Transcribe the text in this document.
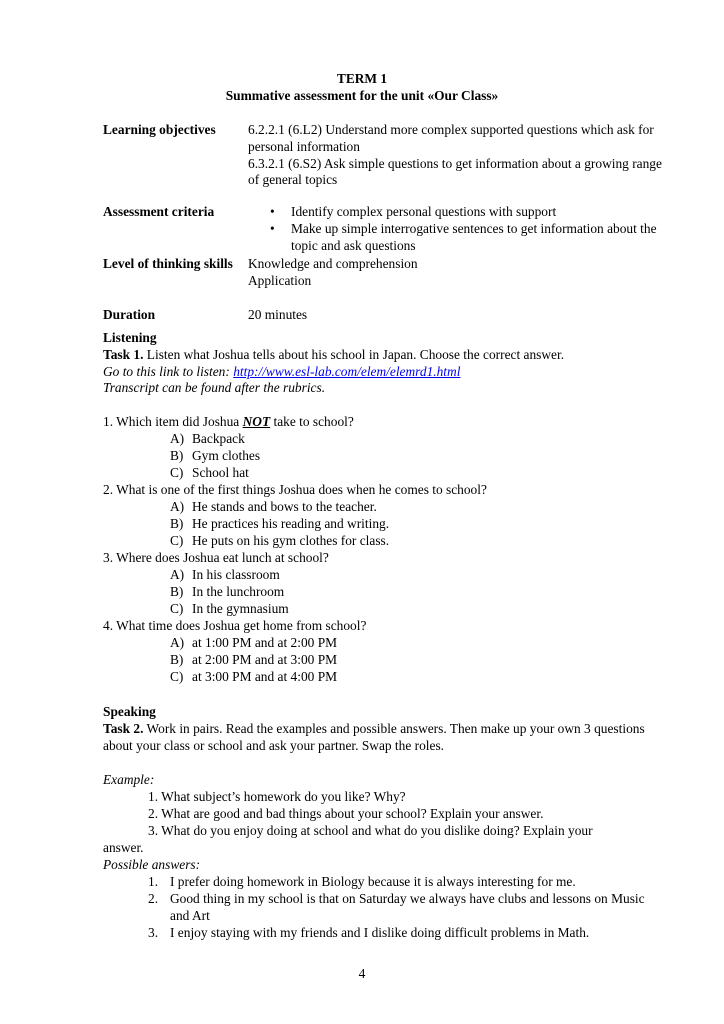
TERM 1
Summative assessment for the unit «Our Class»
Learning objectives	6.2.2.1 (6.L2) Understand more complex supported questions which ask for personal information
6.3.2.1 (6.S2) Ask simple questions to get information about a growing range of general topics
Assessment criteria	• Identify complex personal questions with support
• Make up simple interrogative sentences to get information about the topic and ask questions
Level of thinking skills	Knowledge and comprehension
Application
Duration	20 minutes
Listening
Task 1. Listen what Joshua tells about his school in Japan. Choose the correct answer.
Go to this link to listen: http://www.esl-lab.com/elem/elemrd1.html
Transcript can be found after the rubrics.
1. Which item did Joshua NOT take to school?
A) Backpack
B) Gym clothes
C) School hat
2. What is one of the first things Joshua does when he comes to school?
A) He stands and bows to the teacher.
B) He practices his reading and writing.
C) He puts on his gym clothes for class.
3. Where does Joshua eat lunch at school?
A) In his classroom
B) In the lunchroom
C) In the gymnasium
4. What time does Joshua get home from school?
A) at 1:00 PM and at 2:00 PM
B) at 2:00 PM and at 3:00 PM
C) at 3:00 PM and at 4:00 PM
Speaking
Task 2. Work in pairs. Read the examples and possible answers. Then make up your own 3 questions about your class or school and ask your partner. Swap the roles.
Example:
1. What subject’s homework do you like? Why?
2. What are good and bad things about your school? Explain your answer.
3. What do you enjoy doing at school and what do you dislike doing? Explain your
answer.
Possible answers:
1. I prefer doing homework in Biology because it is always interesting for me.
2. Good thing in my school is that on Saturday we always have clubs and lessons on Music and Art
3. I enjoy staying with my friends and I dislike doing difficult problems in Math.
4
